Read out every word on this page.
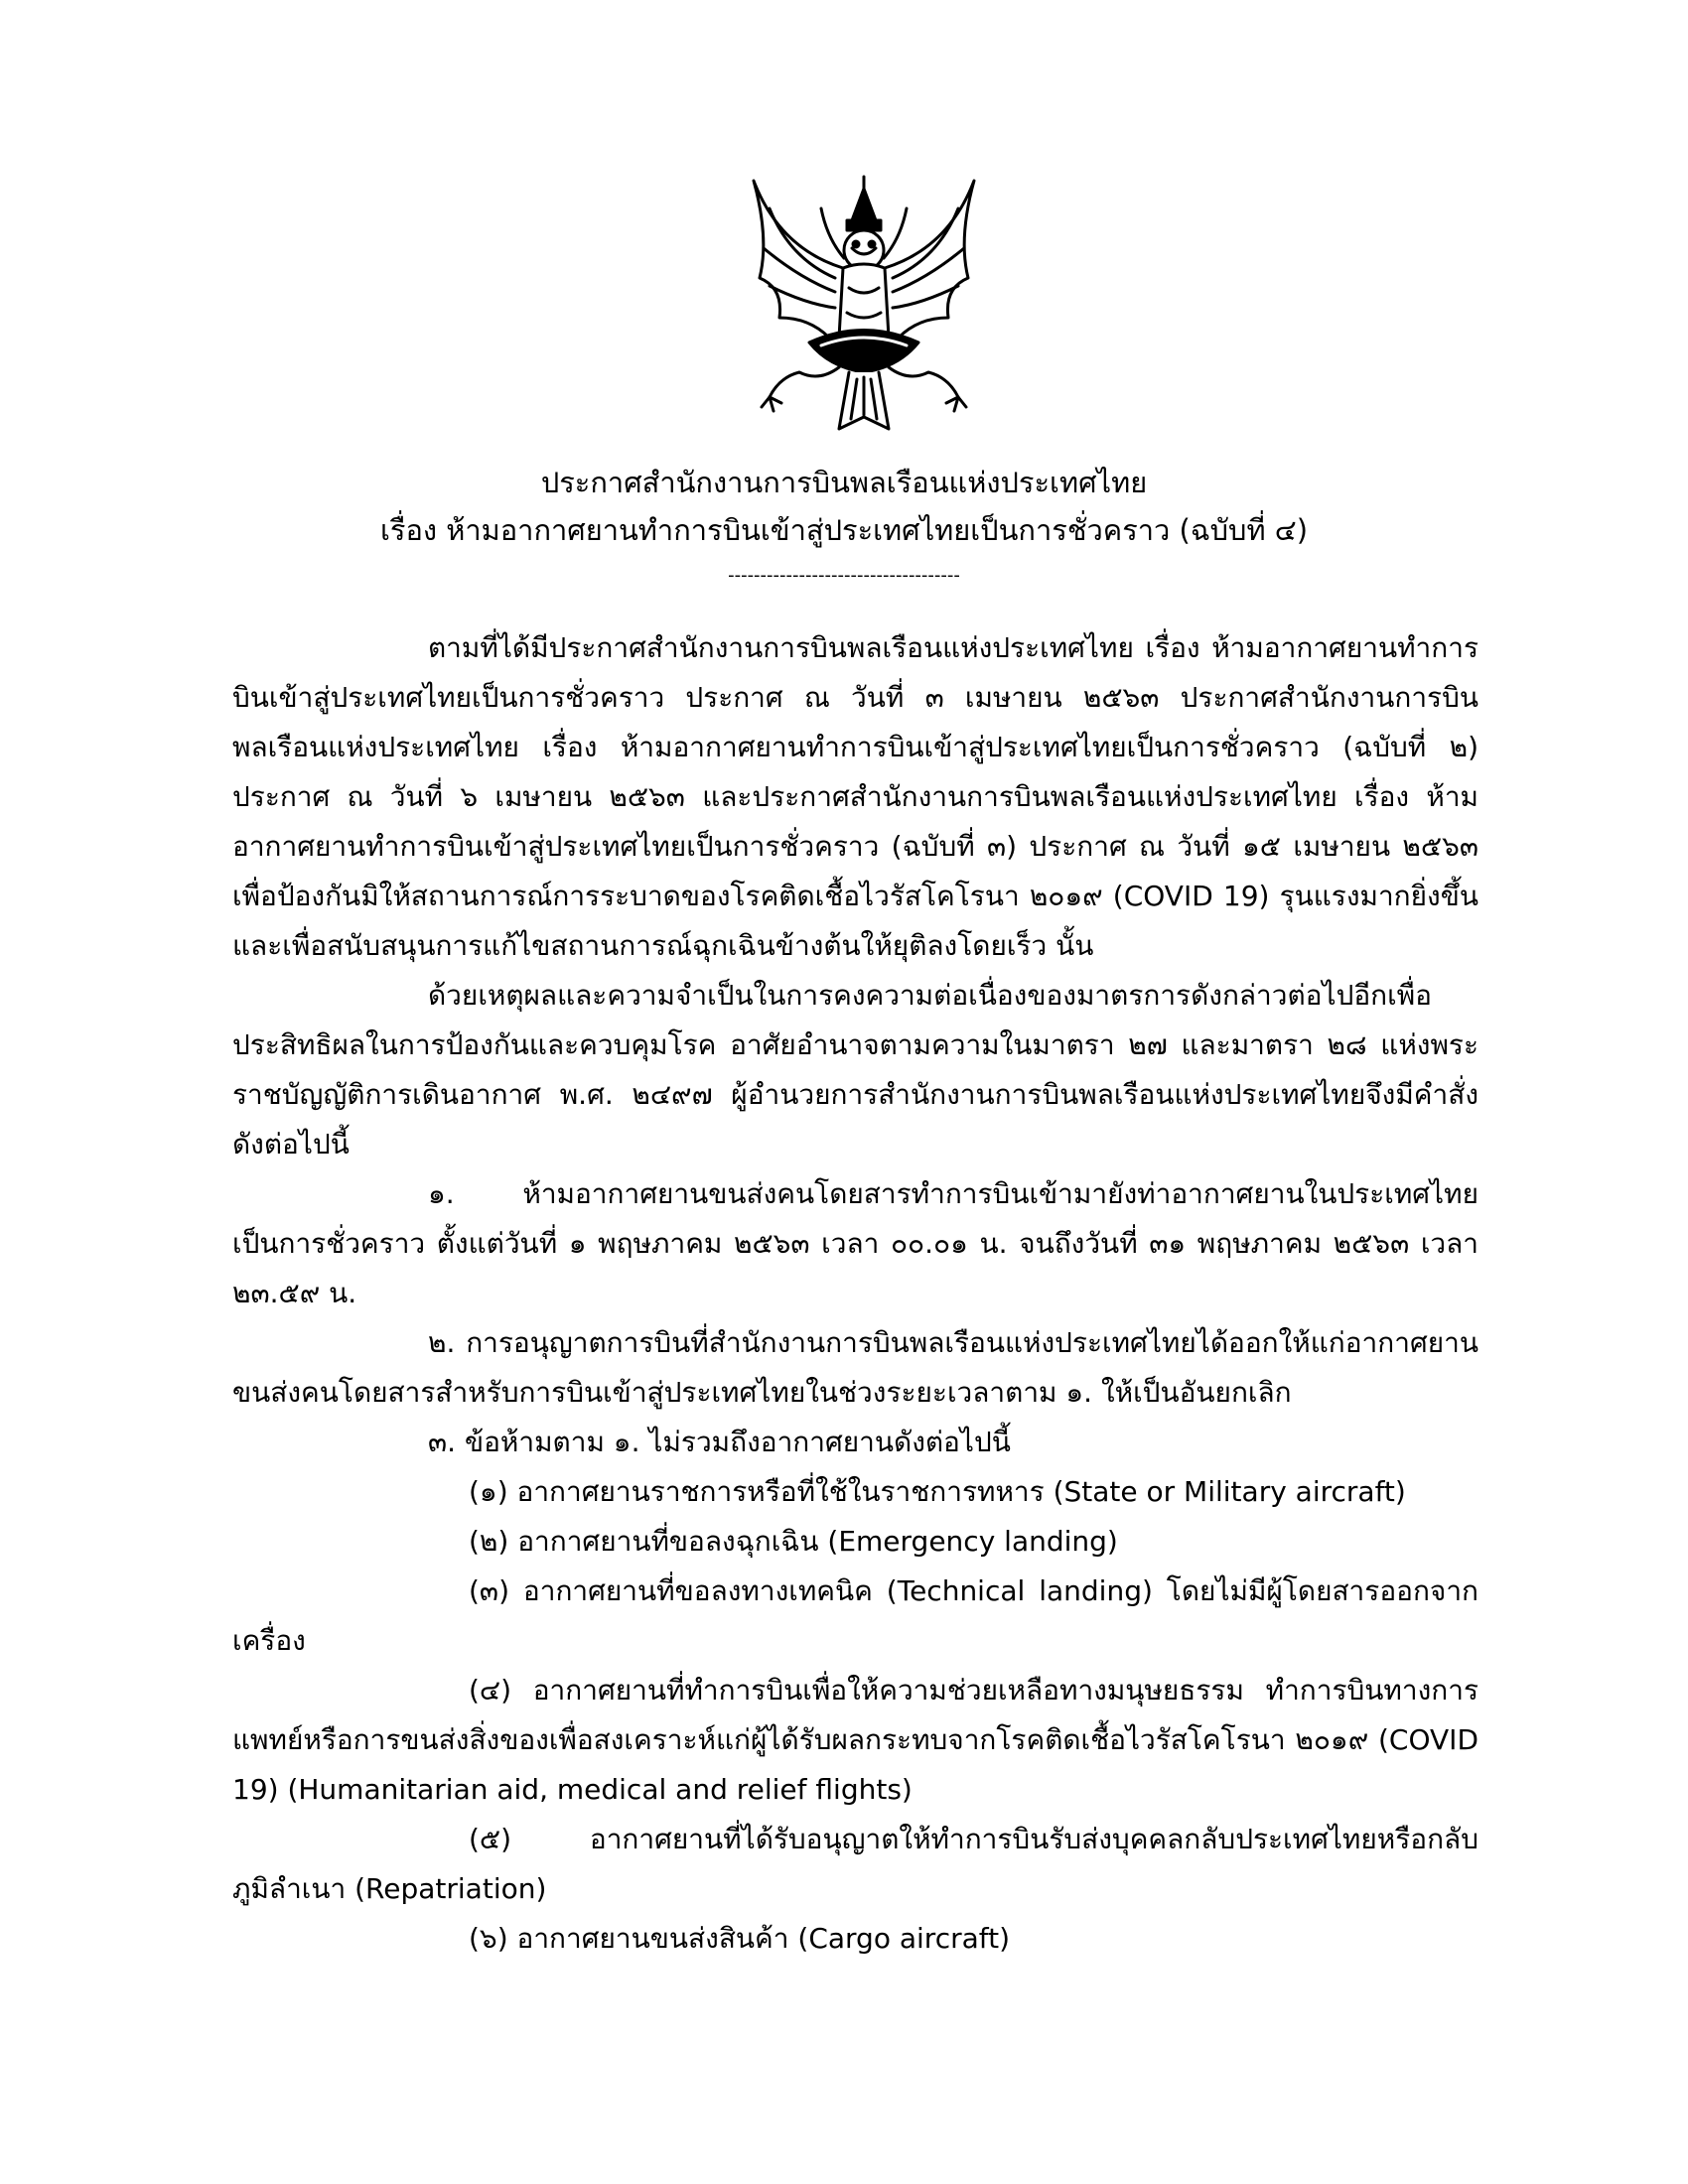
ประกาศสำนักงานการบินพลเรือนแห่งประเทศไทย
เรื่อง ห้ามอากาศยานทำการบินเข้าสู่ประเทศไทยเป็นการชั่วคราว (ฉบับที่ ๔)
------------------------------------

ตามที่ได้มีประกาศสำนักงานการบินพลเรือนแห่งประเทศไทย เรื่อง ห้ามอากาศยานทำการบินเข้าสู่ประเทศไทยเป็นการชั่วคราว ประกาศ ณ วันที่ ๓ เมษายน ๒๕๖๓ ประกาศสำนักงานการบินพลเรือนแห่งประเทศไทย เรื่อง ห้ามอากาศยานทำการบินเข้าสู่ประเทศไทยเป็นการชั่วคราว (ฉบับที่ ๒) ประกาศ ณ วันที่ ๖ เมษายน ๒๕๖๓ และประกาศสำนักงานการบินพลเรือนแห่งประเทศไทย เรื่อง ห้ามอากาศยานทำการบินเข้าสู่ประเทศไทยเป็นการชั่วคราว (ฉบับที่ ๓) ประกาศ ณ วันที่ ๑๕ เมษายน ๒๕๖๓ เพื่อป้องกันมิให้สถานการณ์การระบาดของโรคติดเชื้อไวรัสโคโรนา ๒๐๑๙ (COVID 19) รุนแรงมากยิ่งขึ้น และเพื่อสนับสนุนการแก้ไขสถานการณ์ฉุกเฉินข้างต้นให้ยุติลงโดยเร็ว นั้น

ด้วยเหตุผลและความจำเป็นในการคงความต่อเนื่องของมาตรการดังกล่าวต่อไปอีกเพื่อประสิทธิผลในการป้องกันและควบคุมโรค อาศัยอำนาจตามความในมาตรา ๒๗ และมาตรา ๒๘ แห่งพระราชบัญญัติการเดินอากาศ พ.ศ. ๒๔๙๗ ผู้อำนวยการสำนักงานการบินพลเรือนแห่งประเทศไทยจึงมีคำสั่งดังต่อไปนี้

๑. ห้ามอากาศยานขนส่งคนโดยสารทำการบินเข้ามายังท่าอากาศยานในประเทศไทยเป็นการชั่วคราว ตั้งแต่วันที่ ๑ พฤษภาคม ๒๕๖๓ เวลา ๐๐.๐๑ น. จนถึงวันที่ ๓๑ พฤษภาคม ๒๕๖๓ เวลา ๒๓.๕๙ น.

๒. การอนุญาตการบินที่สำนักงานการบินพลเรือนแห่งประเทศไทยได้ออกให้แก่อากาศยานขนส่งคนโดยสารสำหรับการบินเข้าสู่ประเทศไทยในช่วงระยะเวลาตาม ๑. ให้เป็นอันยกเลิก

๓. ข้อห้ามตาม ๑. ไม่รวมถึงอากาศยานดังต่อไปนี้

(๑) อากาศยานราชการหรือที่ใช้ในราชการทหาร (State or Military aircraft)

(๒) อากาศยานที่ขอลงฉุกเฉิน (Emergency landing)

(๓) อากาศยานที่ขอลงทางเทคนิค (Technical landing) โดยไม่มีผู้โดยสารออกจากเครื่อง

(๔) อากาศยานที่ทำการบินเพื่อให้ความช่วยเหลือทางมนุษยธรรม ทำการบินทางการแพทย์หรือการขนส่งสิ่งของเพื่อสงเคราะห์แก่ผู้ได้รับผลกระทบจากโรคติดเชื้อไวรัสโคโรนา ๒๐๑๙ (COVID 19) (Humanitarian aid, medical and relief flights)

(๕) อากาศยานที่ได้รับอนุญาตให้ทำการบินรับส่งบุคคลกลับประเทศไทยหรือกลับภูมิลำเนา (Repatriation)

(๖) อากาศยานขนส่งสินค้า (Cargo aircraft)
